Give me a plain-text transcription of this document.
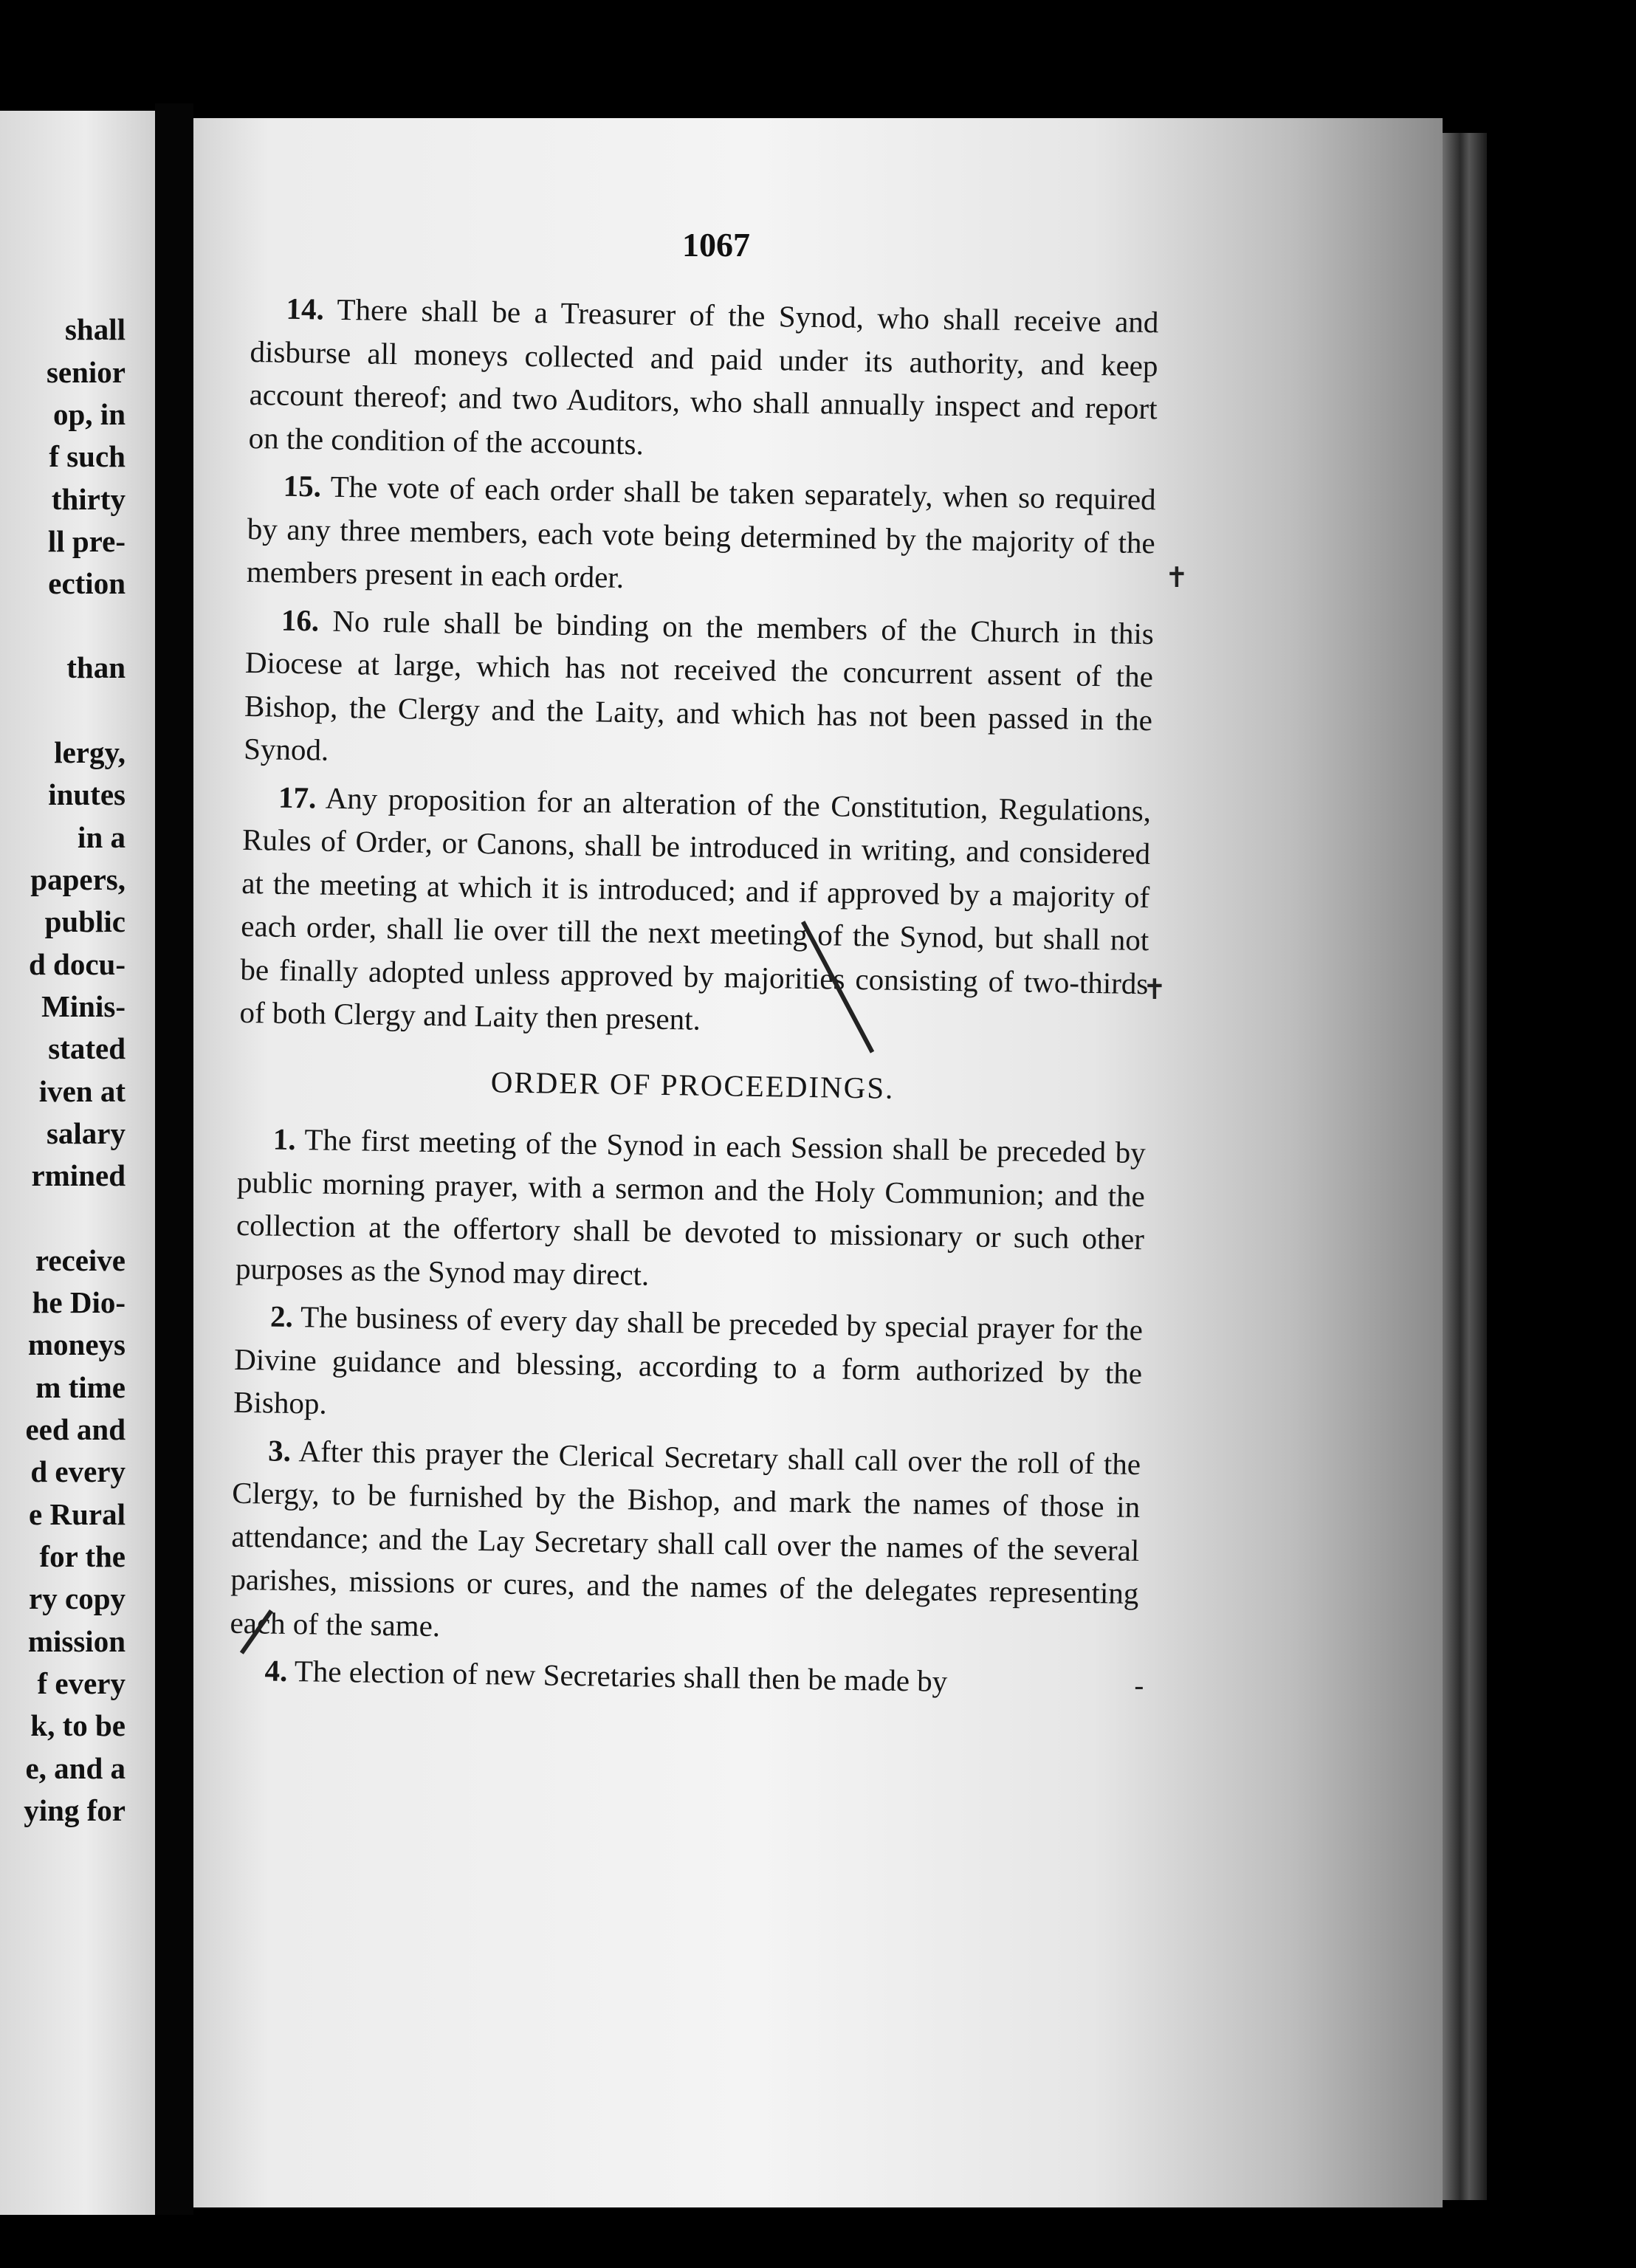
shall

senior

op, in

f such

thirty

ll pre-

ection

than

lergy,

inutes

in a

papers,

public

d docu-

Minis-

stated

iven at

salary

rmined

receive

he Dio-

moneys

m time

eed and

d every

e Rural

for the

ry copy

mission

f every

k, to be

e, and a

ying for

1067

14. There shall be a Treasurer of the Synod, who shall receive and disburse all moneys collected and paid under its authority, and keep account thereof; and two Auditors, who shall annually inspect and report on the condition of the accounts.

15. The vote of each order shall be taken separately, when so required by any three members, each vote being determined by the majority of the members present in each order.

16. No rule shall be binding on the members of the Church in this Diocese at large, which has not received the concurrent assent of the Bishop, the Clergy and the Laity, and which has not been passed in the Synod.

17. Any proposition for an alteration of the Constitution, Regulations, Rules of Order, or Canons, shall be introduced in writing, and considered at the meeting at which it is introduced; and if approved by a majority of each order, shall lie over till the next meeting of the Synod, but shall not be finally adopted unless approved by majorities consisting of two-thirds of both Clergy and Laity then present.

ORDER OF PROCEEDINGS.

1. The first meeting of the Synod in each Session shall be preceded by public morning prayer, with a sermon and the Holy Communion; and the collection at the offertory shall be devoted to missionary or such other purposes as the Synod may direct.

2. The business of every day shall be preceded by special prayer for the Divine guidance and blessing, according to a form authorized by the Bishop.

3. After this prayer the Clerical Secretary shall call over the roll of the Clergy, to be furnished by the Bishop, and mark the names of those in attendance; and the Lay Secretary shall call over the names of the several parishes, missions or cures, and the names of the delegates representing each of the same.

4. The election of new Secretaries shall then be made by

✝
✝
-
